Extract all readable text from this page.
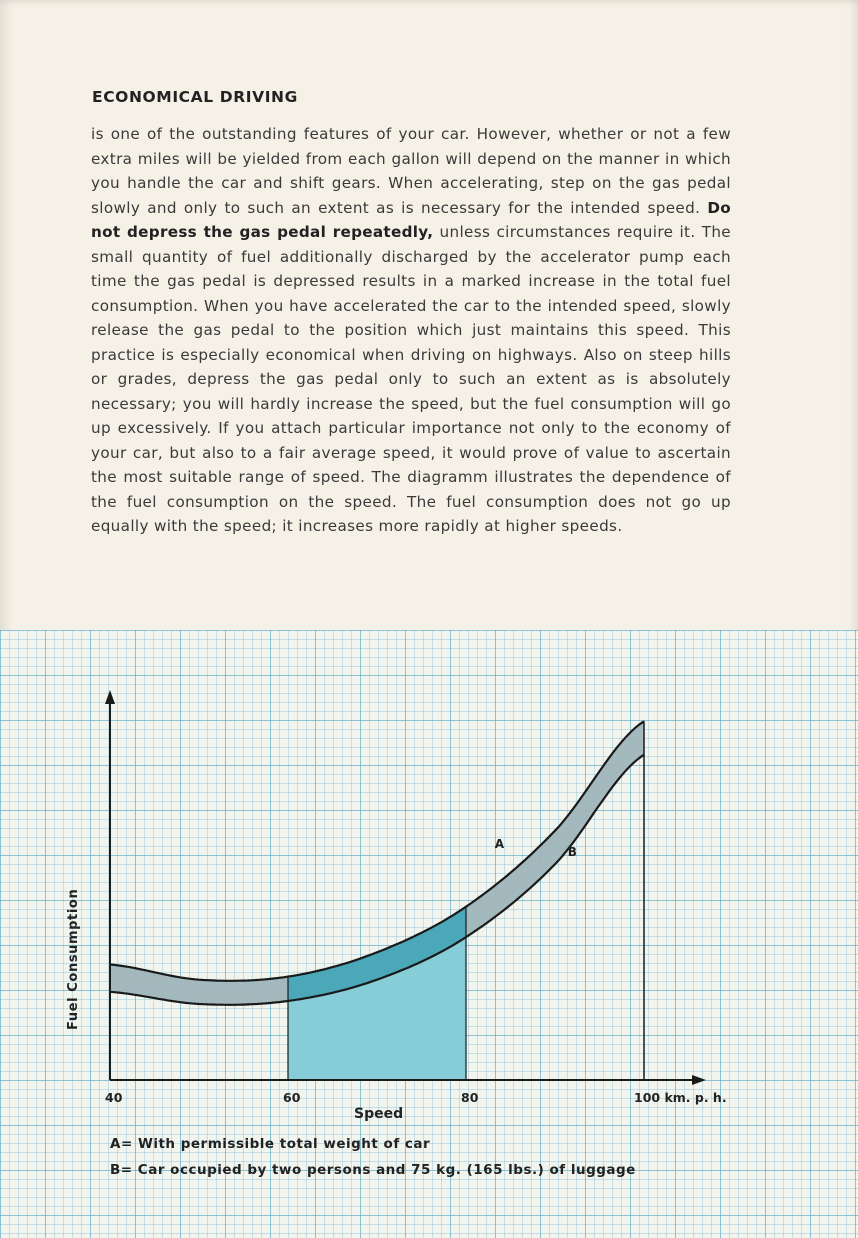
ECONOMICAL DRIVING
is one of the outstanding features of your car. However, whether or not a few extra miles will be yielded from each gallon will depend on the manner in which you handle the car and shift gears. When accelerating, step on the gas pedal slowly and only to such an extent as is necessary for the intended speed. Do not depress the gas pedal repeatedly, unless circumstances require it. The small quantity of fuel additionally discharged by the accelerator pump each time the gas pedal is depressed results in a marked increase in the total fuel consumption. When you have accelerated the car to the intended speed, slowly release the gas pedal to the position which just maintains this speed. This practice is especially economical when driving on highways. Also on steep hills or grades, depress the gas pedal only to such an extent as is absolutely necessary; you will hardly increase the speed, but the fuel consumption will go up excessively. If you attach particular importance not only to the economy of your car, but also to a fair average speed, it would prove of value to ascertain the most suitable range of speed. The diagramm illustrates the dependence of the fuel consumption on the speed. The fuel consumption does not go up equally with the speed; it increases more rapidly at higher speeds.
40	60	80	100 km. p. h.
Speed
Fuel Consumption
A
B
A= With permissible total weight of car
B= Car occupied by two persons and 75 kg. (165 lbs.) of luggage
